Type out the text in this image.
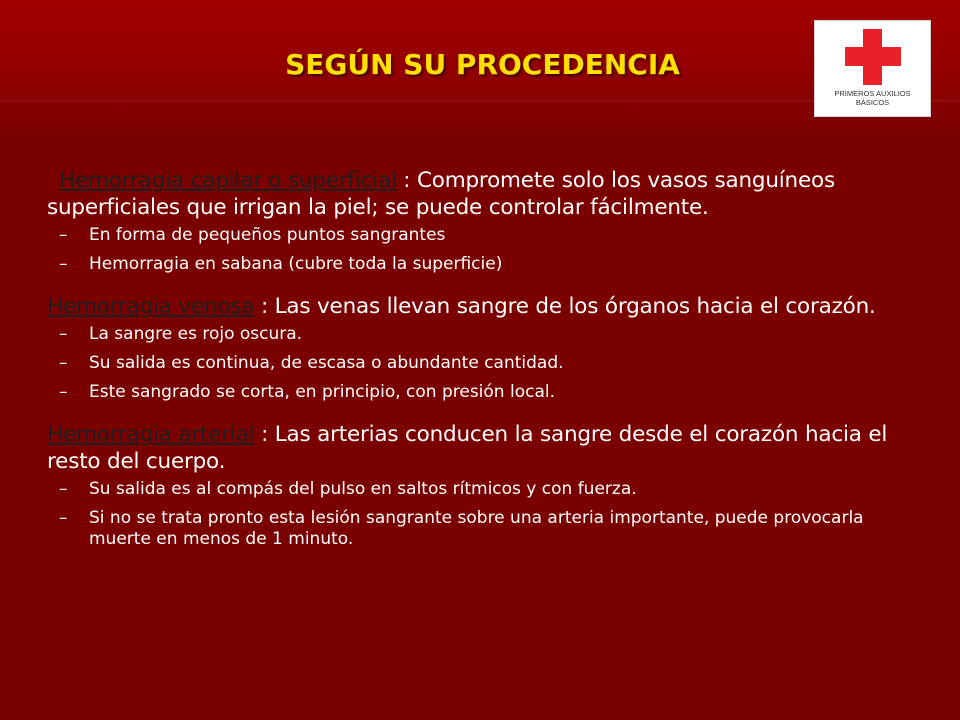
SEGÚN SU PROCEDENCIA
PRIMEROS AUXILIOS
BÁSICOS

Hemorragia capilar o superficial : Compromete solo los vasos sanguíneos superficiales que irrigan la piel; se puede controlar fácilmente.

– En forma de pequeños puntos sangrantes
– Hemorragia en sabana (cubre toda la superficie)

Hemorragia venosa : Las venas llevan sangre de los órganos hacia el corazón.

– La sangre es rojo oscura.
– Su salida es continua, de escasa o abundante cantidad.
– Este sangrado se corta, en principio, con presión local.

Hemorragia arterial : Las arterias conducen la sangre desde el corazón hacia el resto del cuerpo.

– Su salida es al compás del pulso en saltos rítmicos y con fuerza.
– Si no se trata pronto esta lesión sangrante sobre una arteria importante, puede provocarla muerte en menos de 1 minuto.
